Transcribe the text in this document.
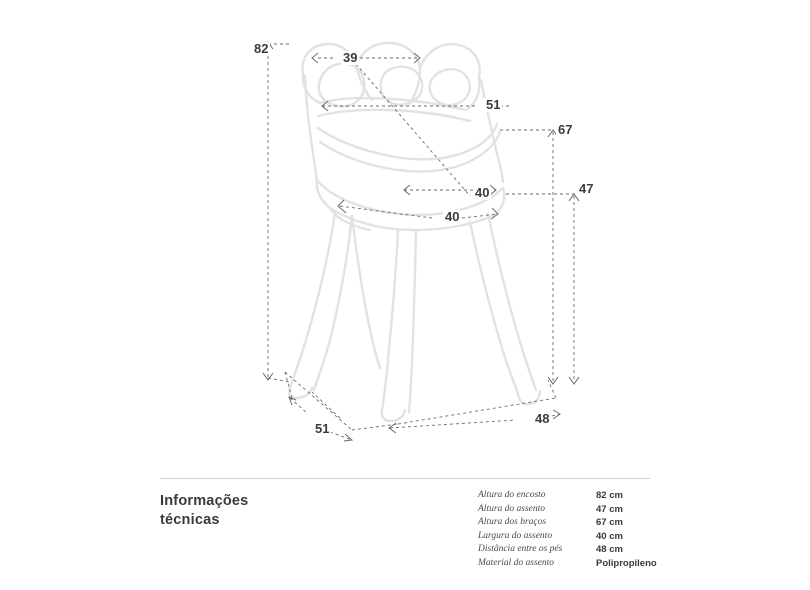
82
39
51
67
47
40
40
51
48
Informações
técnicas
Altura do encosto	82 cm
Altura do assento	47 cm
Altura dos braços	67 cm
Largura do assento	40 cm
Distância entre os pés	48 cm
Material do assento	Polipropileno
